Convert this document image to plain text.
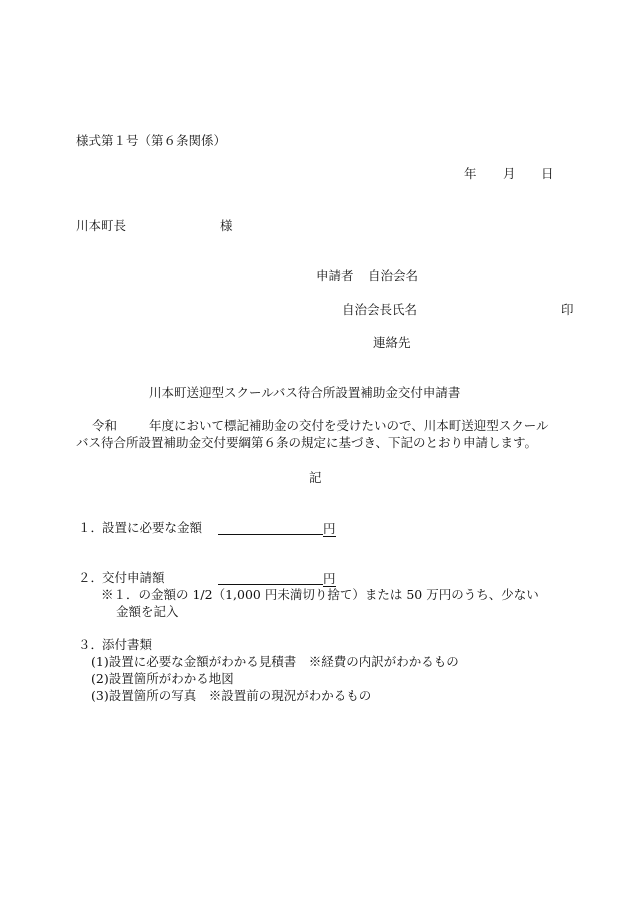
様式第１号（第６条関係）
年 月 日
川本町長	様
申請者 自治会名
自治会長氏名	印
連絡先
川本町送迎型スクールバス待合所設置補助金交付申請書
令和	年度において標記補助金の交付を受けたいので、川本町送迎型スクール
バス待合所設置補助金交付要綱第６条の規定に基づき、下記のとおり申請します。
記
１．
設置に必要な金額	円
２．
交付申請額	円
※１．の金額の 1/2（1,000 円未満切り捨て）または 50 万円のうち、少ない
金額を記入
３．
添付書類
(1)設置に必要な金額がわかる見積書　※経費の内訳がわかるもの
(2)設置箇所がわかる地図
(3)設置箇所の写真　※設置前の現況がわかるもの
